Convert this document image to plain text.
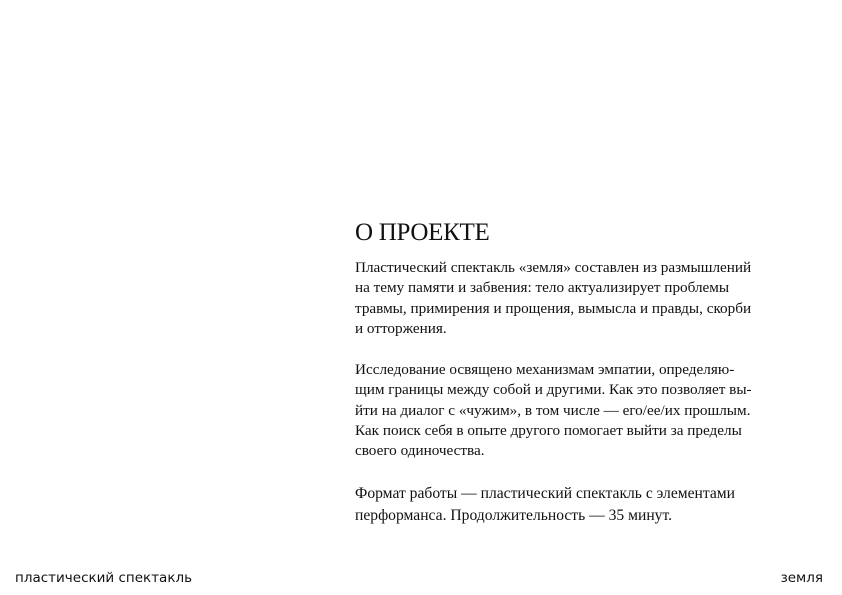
О ПРОЕКТЕ

Пластический спектакль «земля» составлен из размышлений
на тему памяти и забвения: тело актуализирует проблемы
травмы, примирения и прощения, вымысла и правды, скорби
и отторжения.

Исследование освящено механизмам эмпатии, определяю-
щим границы между собой и другими. Как это позволяет вы-
йти на диалог с «чужим», в том числе — его/ее/их прошлым.
Как поиск себя в опыте другого помогает выйти за пределы
своего одиночества.

Формат работы — пластический спектакль с элементами
перформанса. Продолжительность — 35 минут.

пластический спектакль	земля
